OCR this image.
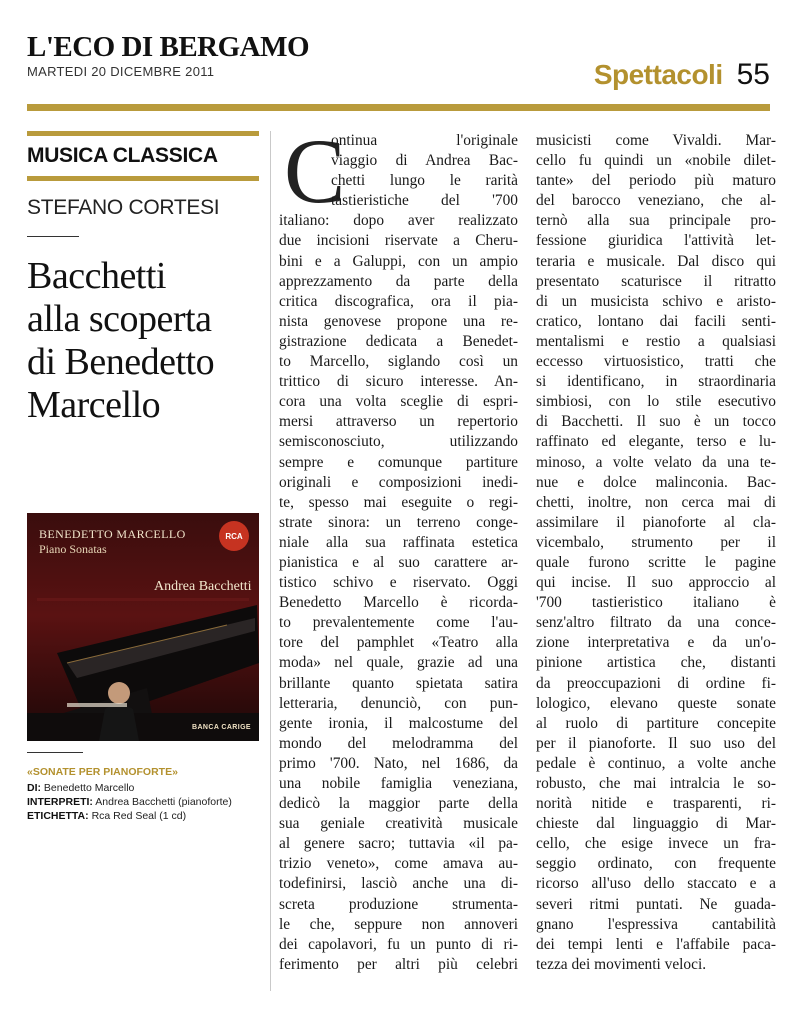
L'ECO DI BERGAMO
MARTEDI 20 DICEMBRE 2011	Spettacoli 55
MUSICA CLASSICA
STEFANO CORTESI
Bacchetti
alla scoperta
di Benedetto
Marcello
BENEDETTO MARCELLO
Piano Sonatas
Andrea Bacchetti
RCA
BANCA CARIGE
«SONATE PER PIANOFORTE»
DI: Benedetto Marcello
INTERPRETI: Andrea Bacchetti (pianoforte)
ETICHETTA: Rca Red Seal (1 cd)
C
ontinua l'originale
viaggio di Andrea Bac-
chetti lungo le rarità
tastieristiche del '700
italiano: dopo aver realizzato
due incisioni riservate a Cheru-
bini e a Galuppi, con un ampio
apprezzamento da parte della
critica discografica, ora il pia-
nista genovese propone una re-
gistrazione dedicata a Benedet-
to Marcello, siglando così un
trittico di sicuro interesse. An-
cora una volta sceglie di espri-
mersi attraverso un repertorio
semisconosciuto, utilizzando
sempre e comunque partiture
originali e composizioni inedi-
te, spesso mai eseguite o regi-
strate sinora: un terreno conge-
niale alla sua raffinata estetica
pianistica e al suo carattere ar-
tistico schivo e riservato. Oggi
Benedetto Marcello è ricorda-
to prevalentemente come l'au-
tore del pamphlet «Teatro alla
moda» nel quale, grazie ad una
brillante quanto spietata satira
letteraria, denunciò, con pun-
gente ironia, il malcostume del
mondo del melodramma del
primo '700. Nato, nel 1686, da
una nobile famiglia veneziana,
dedicò la maggior parte della
sua geniale creatività musicale
al genere sacro; tuttavia «il pa-
trizio veneto», come amava au-
todefinirsi, lasciò anche una di-
screta produzione strumenta-
le che, seppure non annoveri
dei capolavori, fu un punto di ri-
ferimento per altri più celebri
musicisti come Vivaldi. Mar-
cello fu quindi un «nobile dilet-
tante» del periodo più maturo
del barocco veneziano, che al-
ternò alla sua principale pro-
fessione giuridica l'attività let-
teraria e musicale. Dal disco qui
presentato scaturisce il ritratto
di un musicista schivo e aristo-
cratico, lontano dai facili senti-
mentalismi e restio a qualsiasi
eccesso virtuosistico, tratti che
si identificano, in straordinaria
simbiosi, con lo stile esecutivo
di Bacchetti. Il suo è un tocco
raffinato ed elegante, terso e lu-
minoso, a volte velato da una te-
nue e dolce malinconia. Bac-
chetti, inoltre, non cerca mai di
assimilare il pianoforte al cla-
vicembalo, strumento per il
quale furono scritte le pagine
qui incise. Il suo approccio al
'700 tastieristico italiano è
senz'altro filtrato da una conce-
zione interpretativa e da un'o-
pinione artistica che, distanti
da preoccupazioni di ordine fi-
lologico, elevano queste sonate
al ruolo di partiture concepite
per il pianoforte. Il suo uso del
pedale è continuo, a volte anche
robusto, che mai intralcia le so-
norità nitide e trasparenti, ri-
chieste dal linguaggio di Mar-
cello, che esige invece un fra-
seggio ordinato, con frequente
ricorso all'uso dello staccato e a
severi ritmi puntati. Ne guada-
gnano l'espressiva cantabilità
dei tempi lenti e l'affabile paca-
tezza dei movimenti veloci.
